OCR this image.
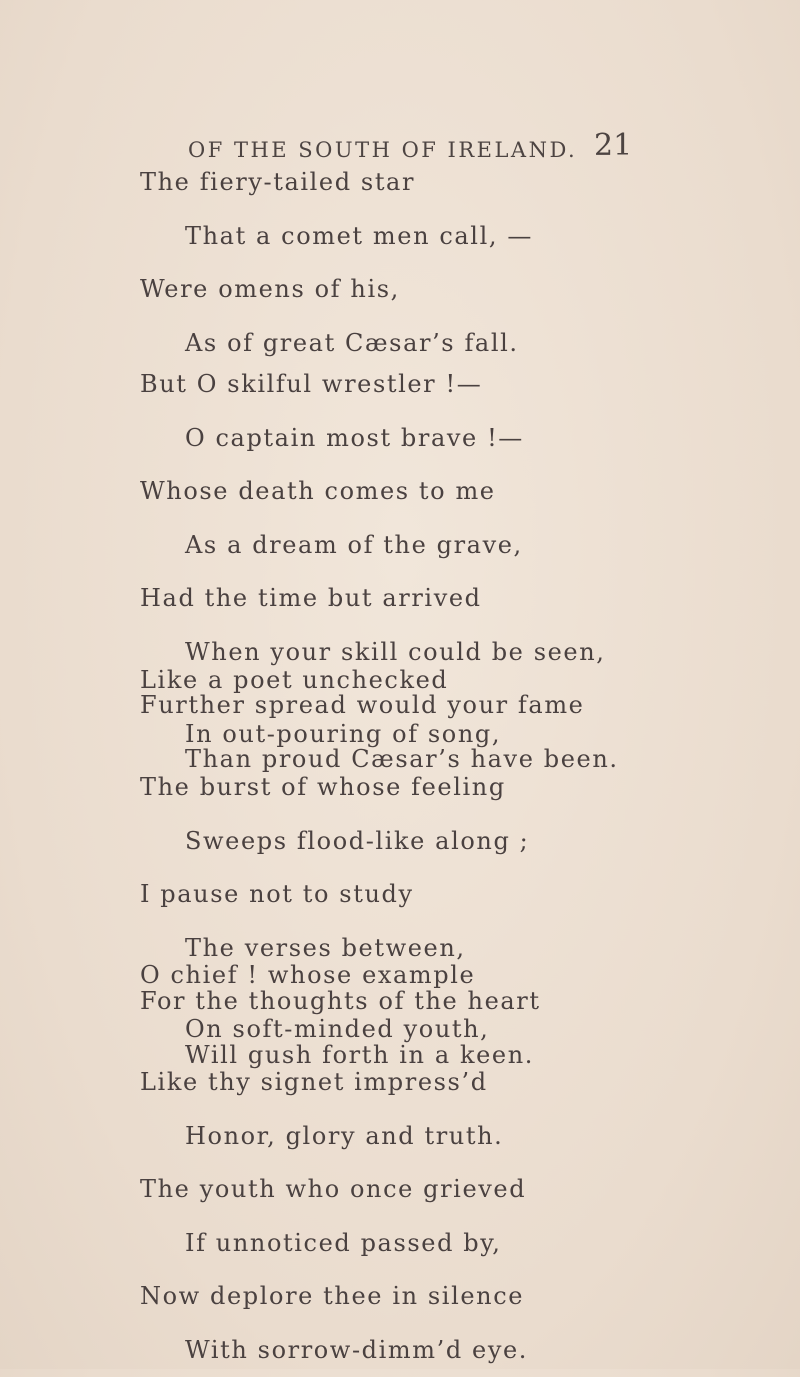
OF THE SOUTH OF IRELAND. 21
The fiery-tailed star
That a comet men call, —
Were omens of his,
As of great Cæsar’s fall.
But O skilful wrestler !—
O captain most brave !—
Whose death comes to me
As a dream of the grave,
Had the time but arrived
When your skill could be seen,
Further spread would your fame
Than proud Cæsar’s have been.
Like a poet unchecked
In out-pouring of song,
The burst of whose feeling
Sweeps flood-like along ;
I pause not to study
The verses between,
For the thoughts of the heart
Will gush forth in a keen.
O chief ! whose example
On soft-minded youth,
Like thy signet impress’d
Honor, glory and truth.
The youth who once grieved
If unnoticed passed by,
Now deplore thee in silence
With sorrow-dimm’d eye.
